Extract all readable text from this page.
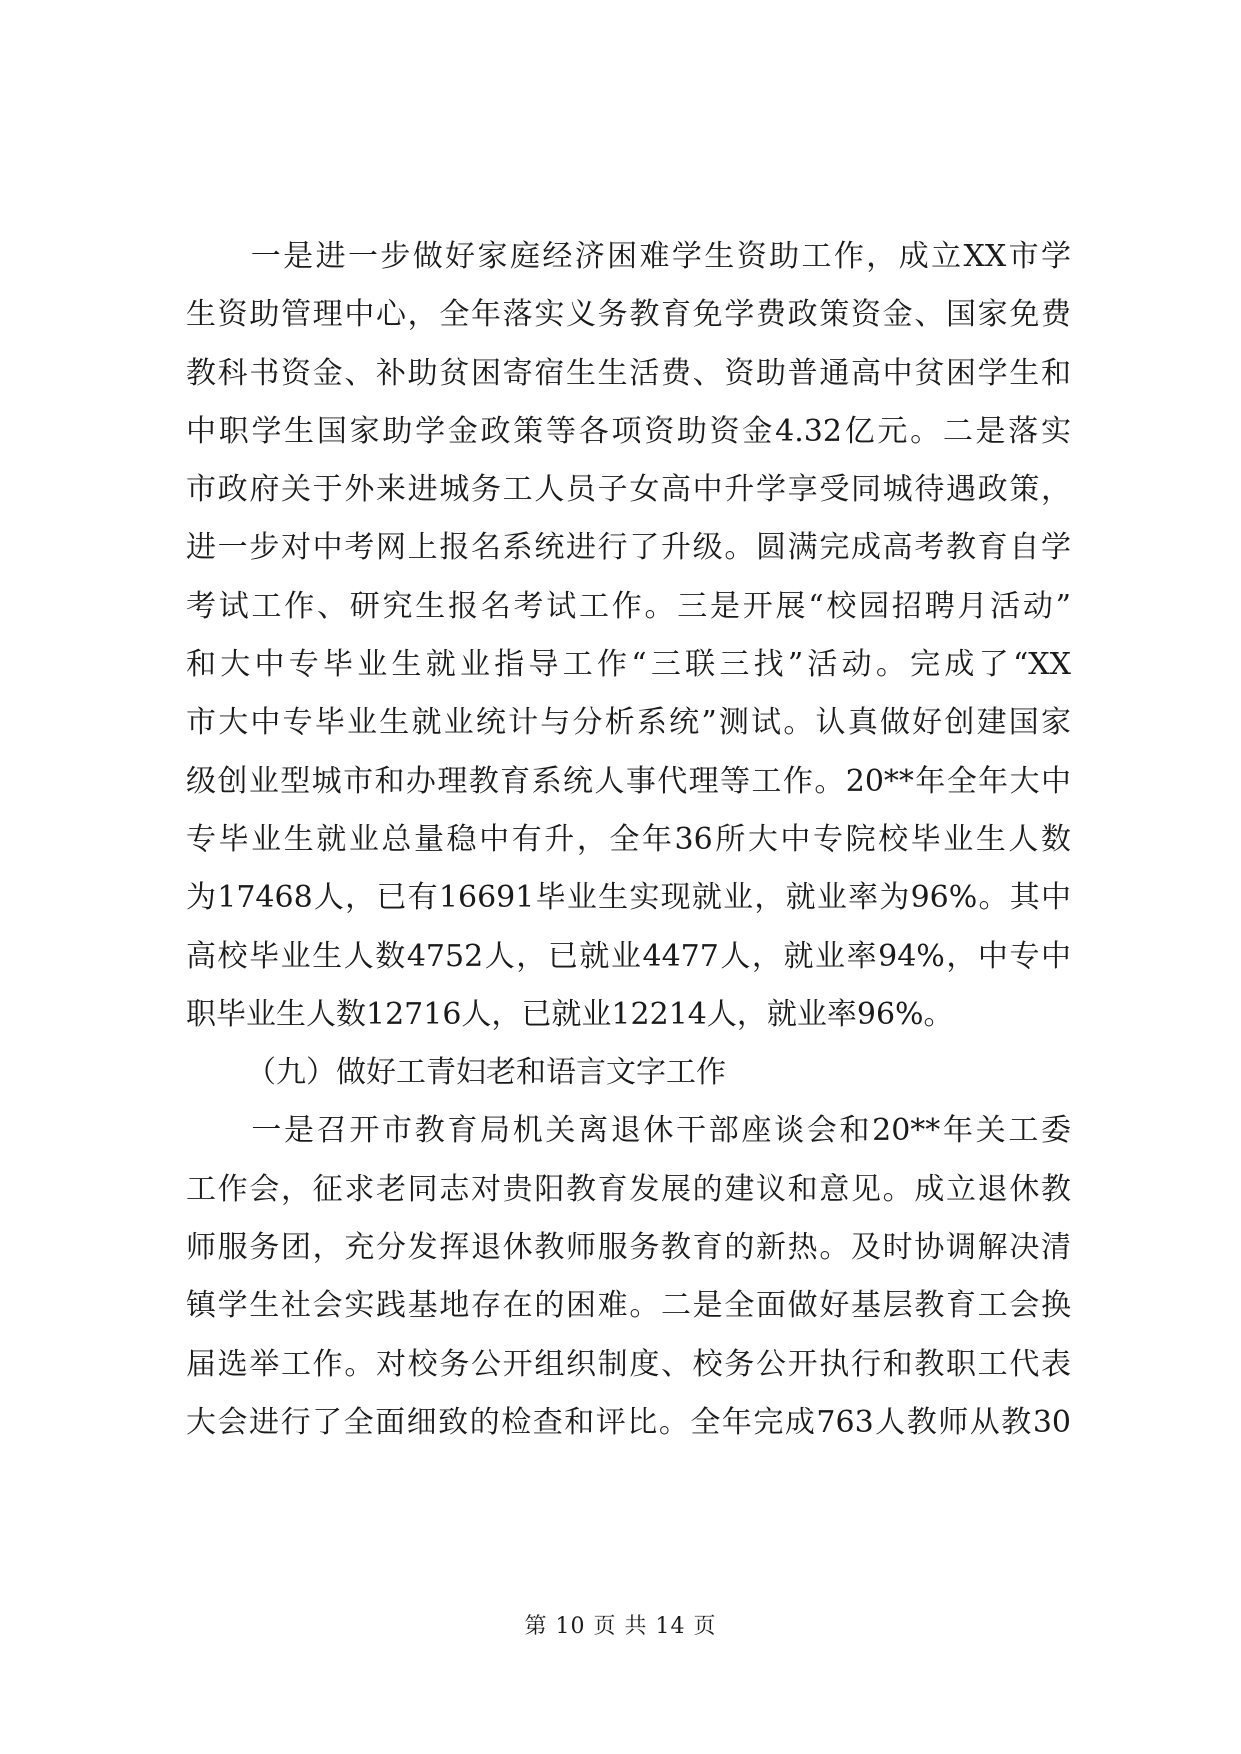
　　一是进一步做好家庭经济困难学生资助工作，成立XX市学
生资助管理中心，全年落实义务教育免学费政策资金、国家免费
教科书资金、补助贫困寄宿生生活费、资助普通高中贫困学生和
中职学生国家助学金政策等各项资助资金4.32亿元。二是落实
市政府关于外来进城务工人员子女高中升学享受同城待遇政策，
进一步对中考网上报名系统进行了升级。圆满完成高考教育自学
考试工作、研究生报名考试工作。三是开展“校园招聘月活动”
和大中专毕业生就业指导工作“三联三找”活动。完成了“XX
市大中专毕业生就业统计与分析系统”测试。认真做好创建国家
级创业型城市和办理教育系统人事代理等工作。20**年全年大中
专毕业生就业总量稳中有升，全年36所大中专院校毕业生人数
为17468人，已有16691毕业生实现就业，就业率为96%。其中
高校毕业生人数4752人，已就业4477人，就业率94%，中专中
职毕业生人数12716人，已就业12214人，就业率96%。
（九）做好工青妇老和语言文字工作
　　一是召开市教育局机关离退休干部座谈会和20**年关工委
工作会，征求老同志对贵阳教育发展的建议和意见。成立退休教
师服务团，充分发挥退休教师服务教育的新热。及时协调解决清
镇学生社会实践基地存在的困难。二是全面做好基层教育工会换
届选举工作。对校务公开组织制度、校务公开执行和教职工代表
大会进行了全面细致的检查和评比。全年完成763人教师从教30
第 10 页 共 14 页
